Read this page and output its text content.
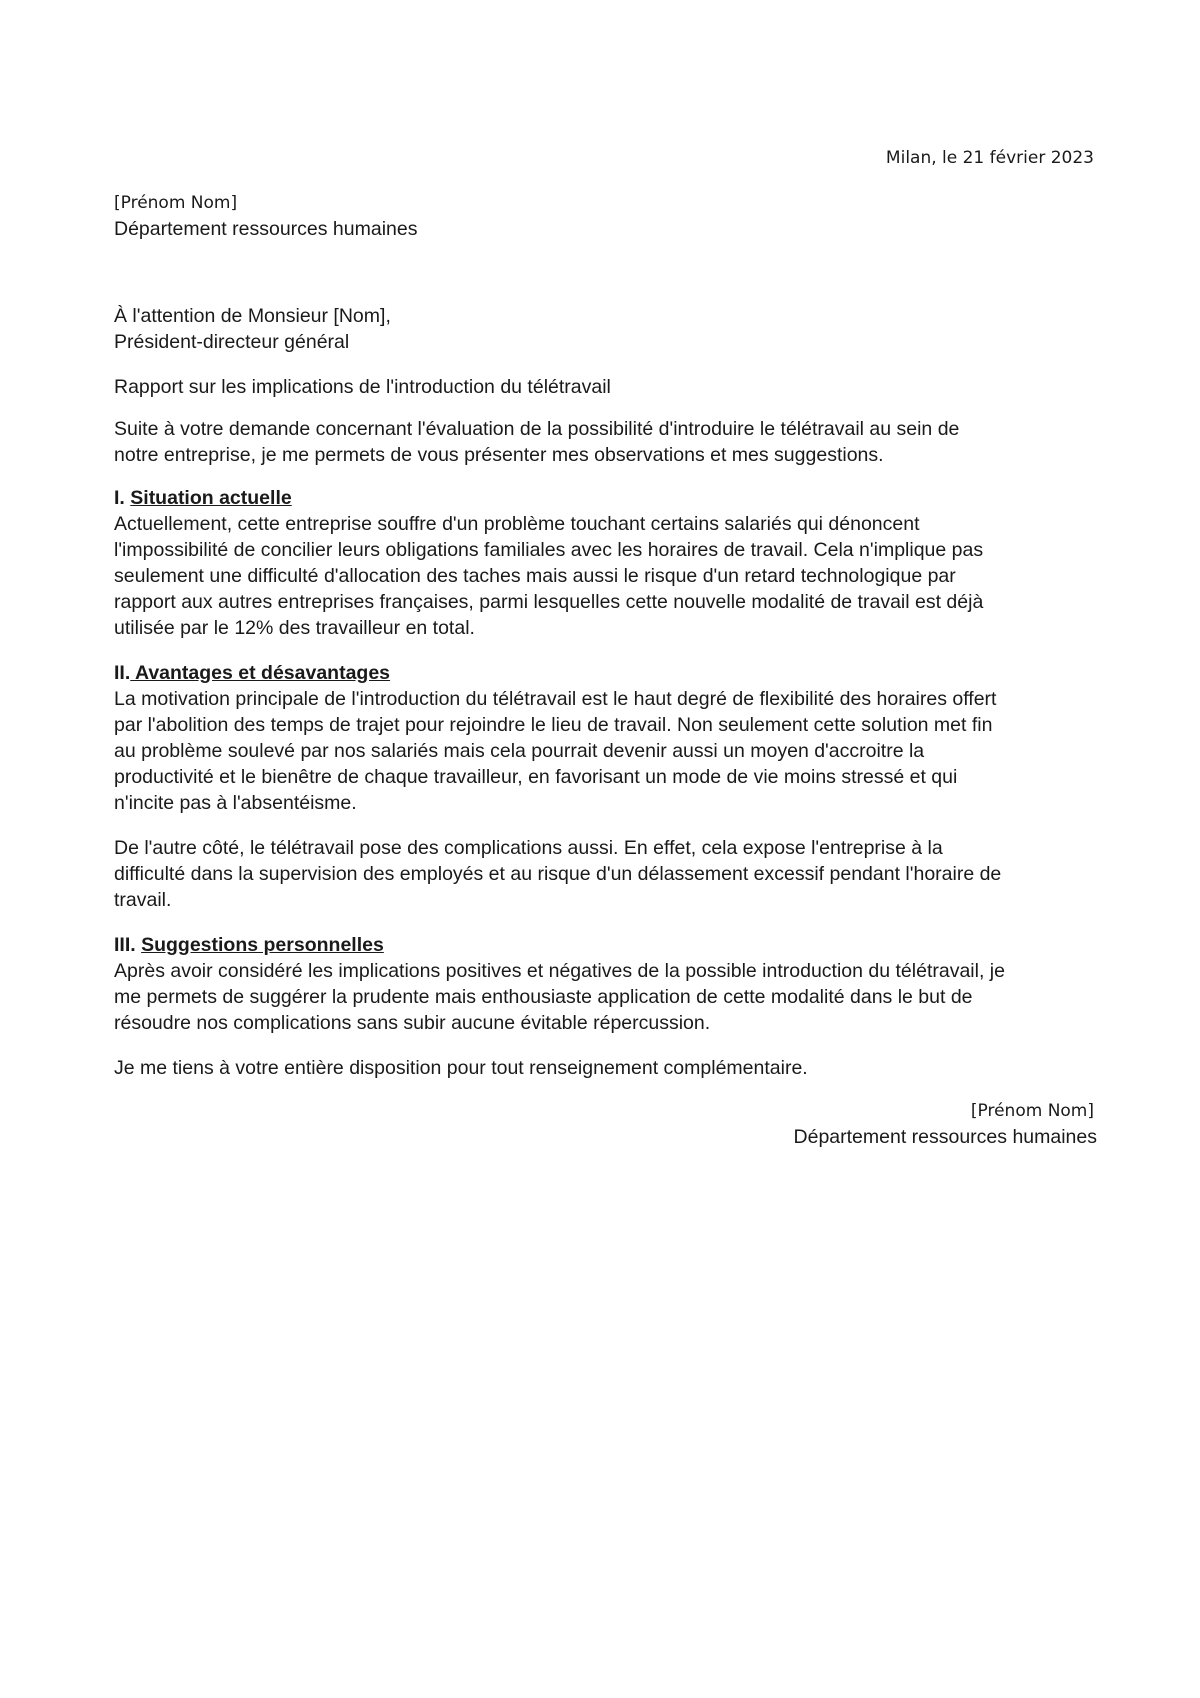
Milan, le 21 février 2023
[Prénom Nom]
Département ressources humaines
À l'attention de Monsieur [Nom],
Président-directeur général
Rapport sur les implications de l'introduction du télétravail
Suite à votre demande concernant l'évaluation de la possibilité d'introduire le télétravail au sein de
notre entreprise, je me permets de vous présenter mes observations et mes suggestions.
I. Situation actuelle
Actuellement, cette entreprise souffre d'un problème touchant certains salariés qui dénoncent
l'impossibilité de concilier leurs obligations familiales avec les horaires de travail. Cela n'implique pas
seulement une difficulté d'allocation des taches mais aussi le risque d'un retard technologique par
rapport aux autres entreprises françaises, parmi lesquelles cette nouvelle modalité de travail est déjà
utilisée par le 12% des travailleur en total.
II. Avantages et désavantages
La motivation principale de l'introduction du télétravail est le haut degré de flexibilité des horaires offert
par l'abolition des temps de trajet pour rejoindre le lieu de travail. Non seulement cette solution met fin
au problème soulevé par nos salariés mais cela pourrait devenir aussi un moyen d'accroitre la
productivité et le bienêtre de chaque travailleur, en favorisant un mode de vie moins stressé et qui
n'incite pas à l'absentéisme.
De l'autre côté, le télétravail pose des complications aussi. En effet, cela expose l'entreprise à la
difficulté dans la supervision des employés et au risque d'un délassement excessif pendant l'horaire de
travail.
III. Suggestions personnelles
Après avoir considéré les implications positives et négatives de la possible introduction du télétravail, je
me permets de suggérer la prudente mais enthousiaste application de cette modalité dans le but de
résoudre nos complications sans subir aucune évitable répercussion.
Je me tiens à votre entière disposition pour tout renseignement complémentaire.
[Prénom Nom]
Département ressources humaines
